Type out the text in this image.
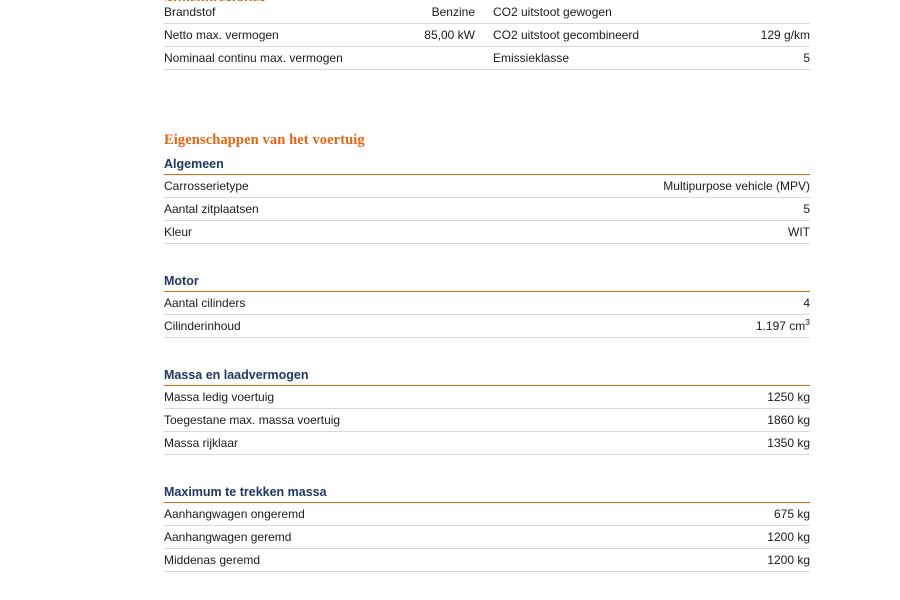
Brandstof	Benzine	CO2 uitstoot gewogen	
Netto max. vermogen	85,00 kW	CO2 uitstoot gecombineerd	129 g/km
Nominaal continu max. vermogen		Emissieklasse	5
Eigenschappen van het voertuig
Algemeen
Carrosserietype	Multipurpose vehicle (MPV)
Aantal zitplaatsen	5
Kleur	WIT
Motor
Aantal cilinders	4
Cilinderinhoud	1.197 $cm^3$
Massa en laadvermogen
Massa ledig voertuig	1250 kg
Toegestane max. massa voertuig	1860 kg
Massa rijklaar	1350 kg
Maximum te trekken massa
Aanhangwagen ongeremd	675 kg
Aanhangwagen geremd	1200 kg
Middenas geremd	1200 kg
